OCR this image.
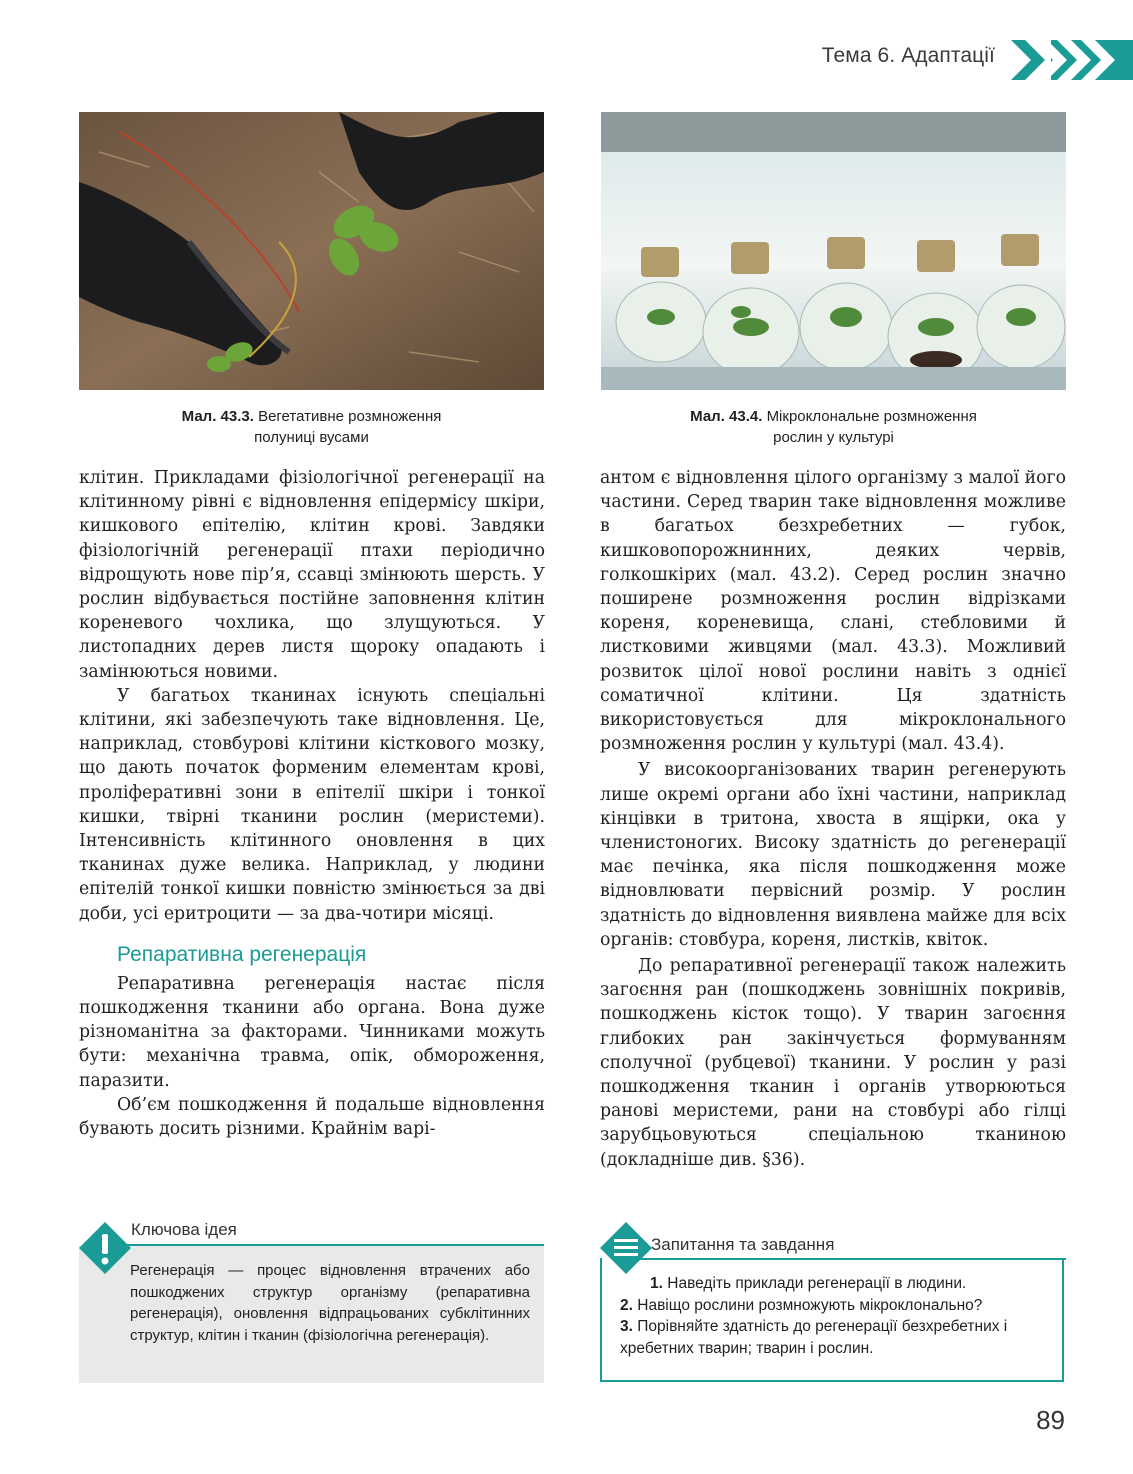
Тема 6. Адаптації
Мал. 43.3. Вегетативне розмноження
полуниці вусами
Мал. 43.4. Мікроклональне розмноження
рослин у культурі

клітин. Прикладами фізіологічної регенерації на клітинному рівні є відновлення епідермісу шкіри, кишкового епітелію, клітин крові. Завдяки фізіологічній регенерації птахи періодично відрощують нове пір’я, ссавці змінюють шерсть. У рослин відбувається постійне заповнення клітин кореневого чохлика, що злущуються. У листопадних дерев листя щороку опадають і замінюються новими.

У багатьох тканинах існують спеціальні клітини, які забезпечують таке відновлення. Це, наприклад, стовбурові клітини кісткового мозку, що дають початок форменим елементам крові, проліферативні зони в епітелії шкіри і тонкої кишки, твірні тканини рослин (меристеми). Інтенсивність клітинного оновлення в цих тканинах дуже велика. Наприклад, у людини епітелій тонкої кишки повністю змінюється за дві доби, усі еритроцити — за два-чотири місяці.

Репаративна регенерація

Репаративна регенерація настає після пошкодження тканини або органа. Вона дуже різноманітна за факторами. Чинниками можуть бути: механічна травма, опік, обмороження, паразити.

Об’єм пошкодження й подальше відновлення бувають досить різними. Крайнім варі-

антом є відновлення цілого організму з малої його частини. Серед тварин таке відновлення можливе в багатьох безхребетних — губок, кишковопорожнинних, деяких червів, голкошкірих (мал. 43.2). Серед рослин значно поширене розмноження рослин відрізками кореня, кореневища, слані, стебловими й листковими живцями (мал. 43.3). Можливий розвиток цілої нової рослини навіть з однієї соматичної клітини. Ця здатність використовується для мікроклонального розмноження рослин у культурі (мал. 43.4).

У високоорганізованих тварин регенерують лише окремі органи або їхні частини, наприклад кінцівки в тритона, хвоста в ящірки, ока у членистоногих. Високу здатність до регенерації має печінка, яка після пошкодження може відновлювати первісний розмір. У рослин здатність до відновлення виявлена майже для всіх органів: стовбура, кореня, листків, квіток.

До репаративної регенерації також належить загоєння ран (пошкоджень зовнішніх покривів, пошкоджень кісток тощо). У тварин загоєння глибоких ран закінчується формуванням сполучної (рубцевої) тканини. У рослин у разі пошкодження тканин і органів утворюються ранові меристеми, рани на стовбурі або гілці зарубцьовуються спеціальною тканиною (докладніше див. §36).

Ключова ідея
Регенерація — процес відновлення втрачених або пошкоджених структур організму (репаративна регенерація), оновлення відпрацьованих субклітинних структур, клітин і тканин (фізіологічна регенерація).
Запитання та завдання
1. Наведіть приклади регенерації в людини.
2. Навіщо рослини розмножують мікроклонально?
3. Порівняйте здатність до регенерації безхребетних і хребетних тварин; тварин і рослин.
89
